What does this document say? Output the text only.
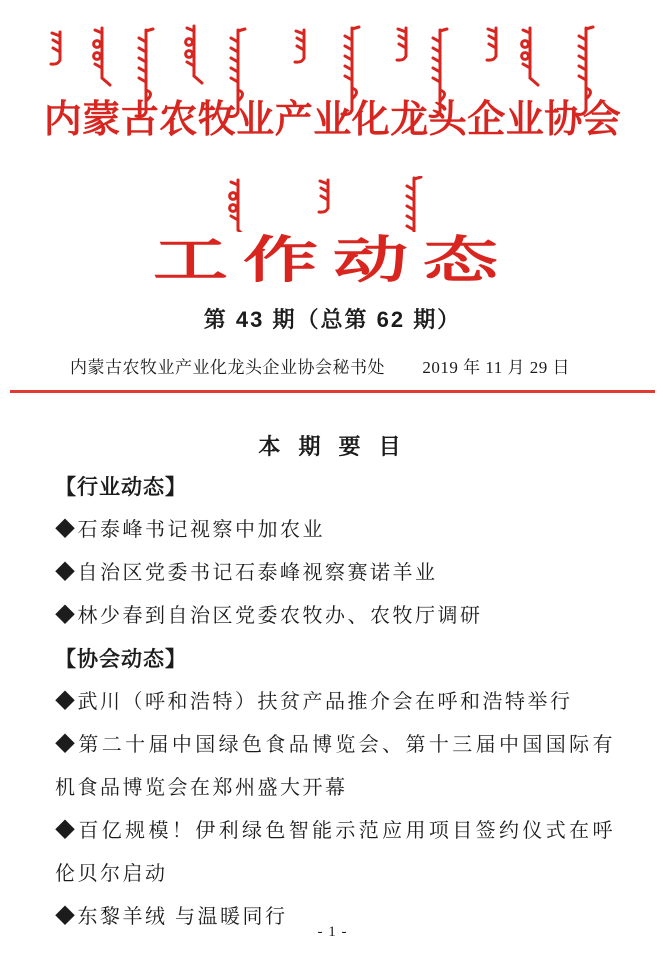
内蒙古农牧业产业化龙头企业协会
工作动态
第 43 期（总第 62 期）
内蒙古农牧业产业化龙头企业协会秘书处 2019 年 11 月 29 日
本 期 要 目

【行业动态】

◆石泰峰书记视察中加农业

◆自治区党委书记石泰峰视察赛诺羊业

◆林少春到自治区党委农牧办、农牧厅调研

【协会动态】

◆武川（呼和浩特）扶贫产品推介会在呼和浩特举行

◆第二十届中国绿色食品博览会、第十三届中国国际有机食品博览会在郑州盛大开幕

◆百亿规模！伊利绿色智能示范应用项目签约仪式在呼伦贝尔启动

◆东黎羊绒 与温暖同行

- 1 -
